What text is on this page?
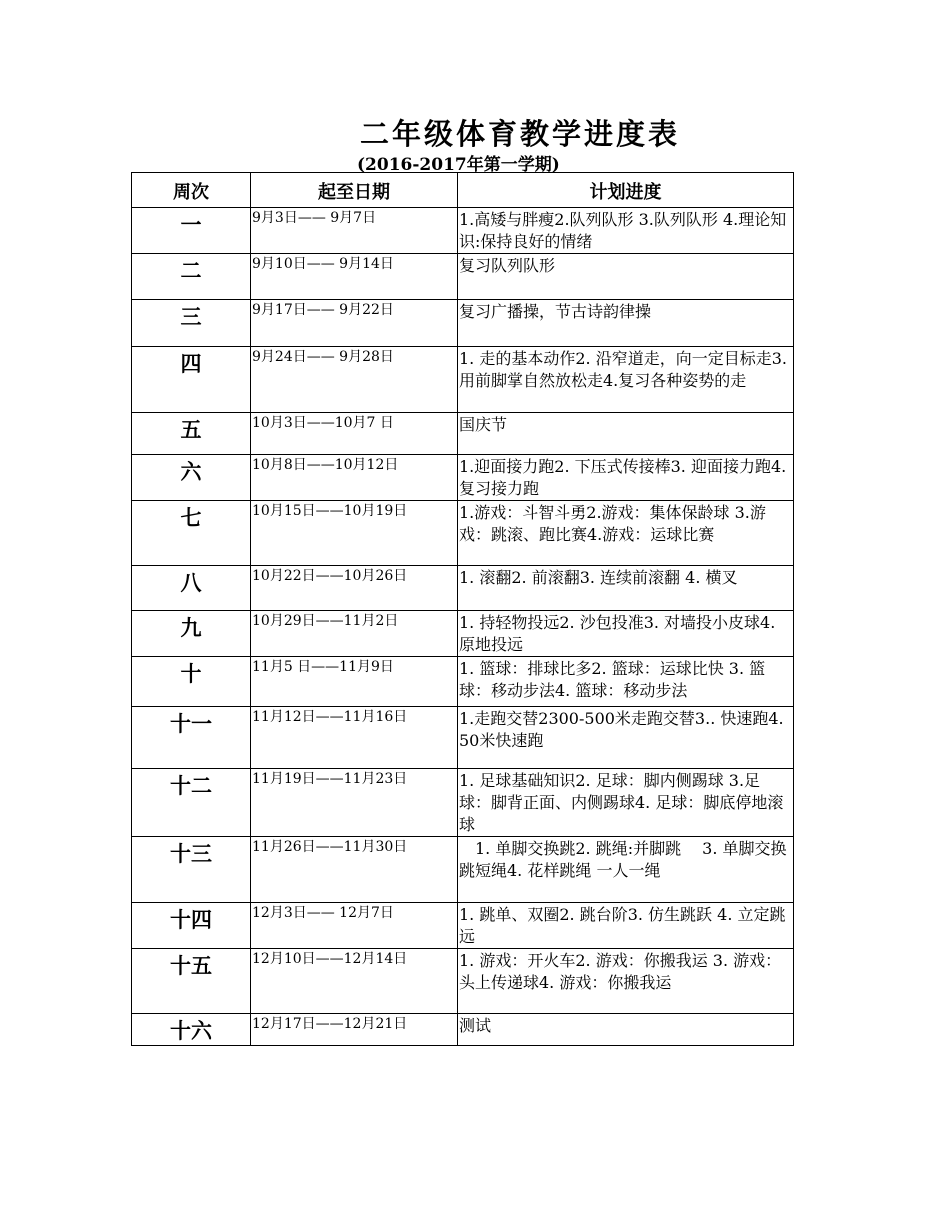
二年级体育教学进度表
(2016-2017年第一学期)
周次	起至日期	计划进度
一	9月3日—— 9月7日	1.高矮与胖瘦2.队列队形 3.队列队形 4.理论知识:保持良好的情绪
二	9月10日—— 9月14日	复习队列队形
三	9月17日—— 9月22日	复习广播操，节古诗韵律操
四	9月24日—— 9月28日	1. 走的基本动作2. 沿窄道走，向一定目标走3. 用前脚掌自然放松走4.复习各种姿势的走
五	10月3日——10月7 日	国庆节
六	10月8日——10月12日	1.迎面接力跑2. 下压式传接棒3. 迎面接力跑4. 复习接力跑
七	10月15日——10月19日	1.游戏：斗智斗勇2.游戏：集体保龄球 3.游戏：跳滚、跑比赛4.游戏：运球比赛
八	10月22日——10月26日	1. 滚翻2. 前滚翻3. 连续前滚翻 4. 横叉
九	10月29日——11月2日	1. 持轻物投远2. 沙包投准3. 对墙投小皮球4. 原地投远
十	11月5 日——11月9日	1. 篮球：排球比多2. 篮球：运球比快 3. 篮球：移动步法4. 篮球：移动步法
十一	11月12日——11月16日	1.走跑交替2300-500米走跑交替3.. 快速跑4. 50米快速跑
十二	11月19日——11月23日	1. 足球基础知识2. 足球：脚内侧踢球 3.足球：脚背正面、内侧踢球4. 足球：脚底停地滚球
十三	11月26日——11月30日	　1. 单脚交换跳2. 跳绳:并脚跳 　3. 单脚交换跳短绳4. 花样跳绳 一人一绳
十四	12月3日—— 12月7日	1. 跳单、双圈2. 跳台阶3. 仿生跳跃 4. 立定跳远
十五	12月10日——12月14日	1. 游戏：开火车2. 游戏：你搬我运 3. 游戏：头上传递球4. 游戏：你搬我运
十六	12月17日——12月21日	测试
